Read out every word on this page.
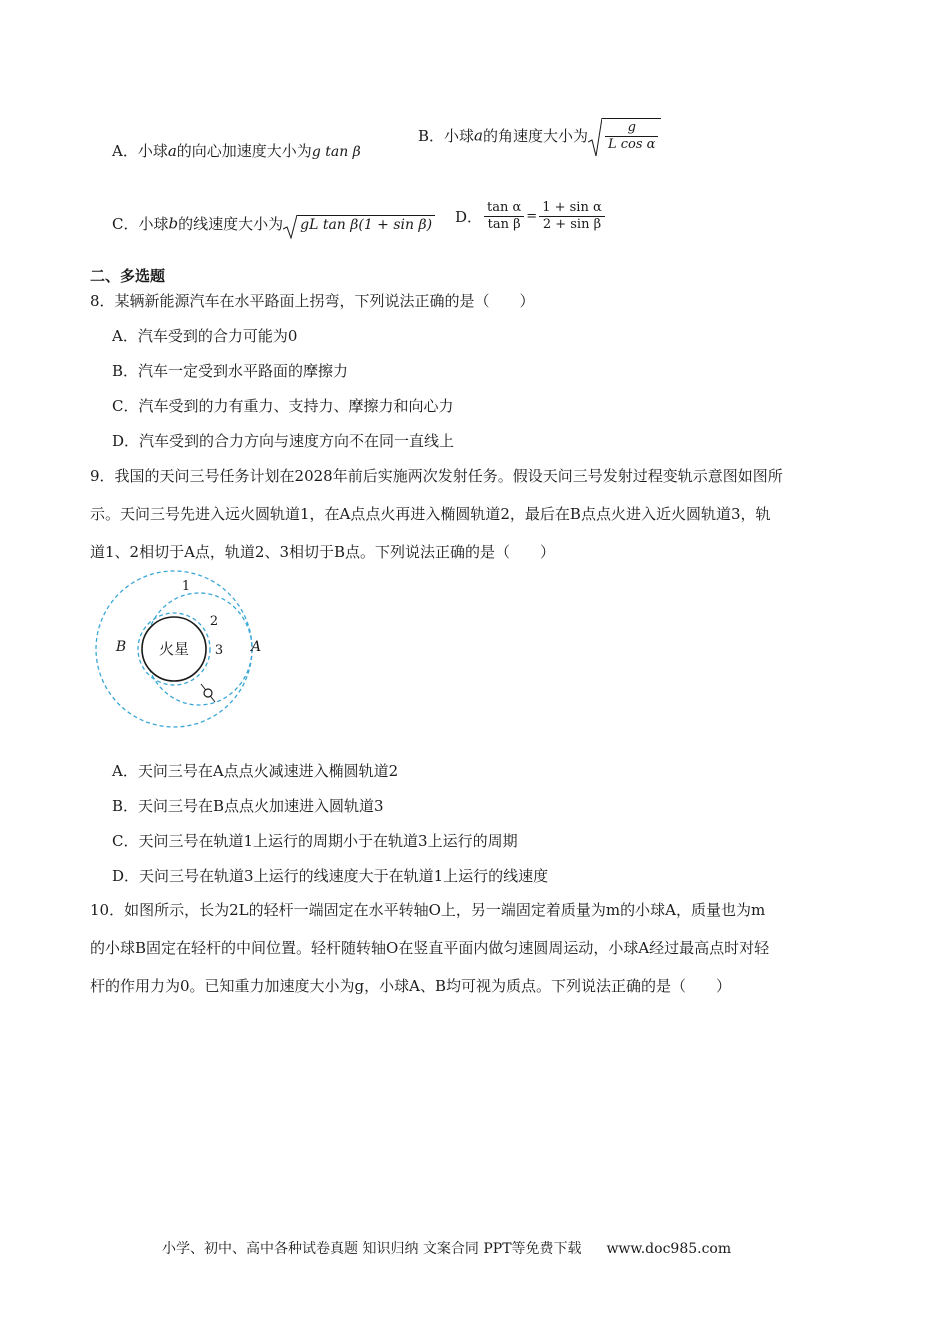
A．小球a的向心加速度大小为g tan β
B．小球a的角速度大小为 $\frac{g}{\text{L cos α}}$
C．小球b的线速度大小为 gL tan β(1 + sin β) D． $\frac{\text{tan α}}{\text{tan β}} = \frac{\text{1 + sin α}}{\text{2 + sin β}}$
二、多选题
8．某辆新能源汽车在水平路面上拐弯，下列说法正确的是（　　）
A．汽车受到的合力可能为0
B．汽车一定受到水平路面的摩擦力
C．汽车受到的力有重力、支持力、摩擦力和向心力
D．汽车受到的合力方向与速度方向不在同一直线上
9．我国的天问三号任务计划在2028年前后实施两次发射任务。假设天问三号发射过程变轨示意图如图所
示。天问三号先进入远火圆轨道1，在A点点火再进入椭圆轨道2，最后在B点点火进入近火圆轨道3，轨
道1、2相切于A点，轨道2、3相切于B点。下列说法正确的是（　　）
火星
B	A
1
2
3
A．天问三号在A点点火减速进入椭圆轨道2
B．天问三号在B点点火加速进入圆轨道3
C．天问三号在轨道1上运行的周期小于在轨道3上运行的周期
D．天问三号在轨道3上运行的线速度大于在轨道1上运行的线速度
10．如图所示，长为2L的轻杆一端固定在水平转轴O上，另一端固定着质量为m的小球A，质量也为m
的小球B固定在轻杆的中间位置。轻杆随转轴O在竖直平面内做匀速圆周运动，小球A经过最高点时对轻
杆的作用力为0。已知重力加速度大小为g，小球A、B均可视为质点。下列说法正确的是（　　）
小学、初中、高中各种试卷真题 知识归纳 文案合同 PPT等免费下载 www.doc985.com
